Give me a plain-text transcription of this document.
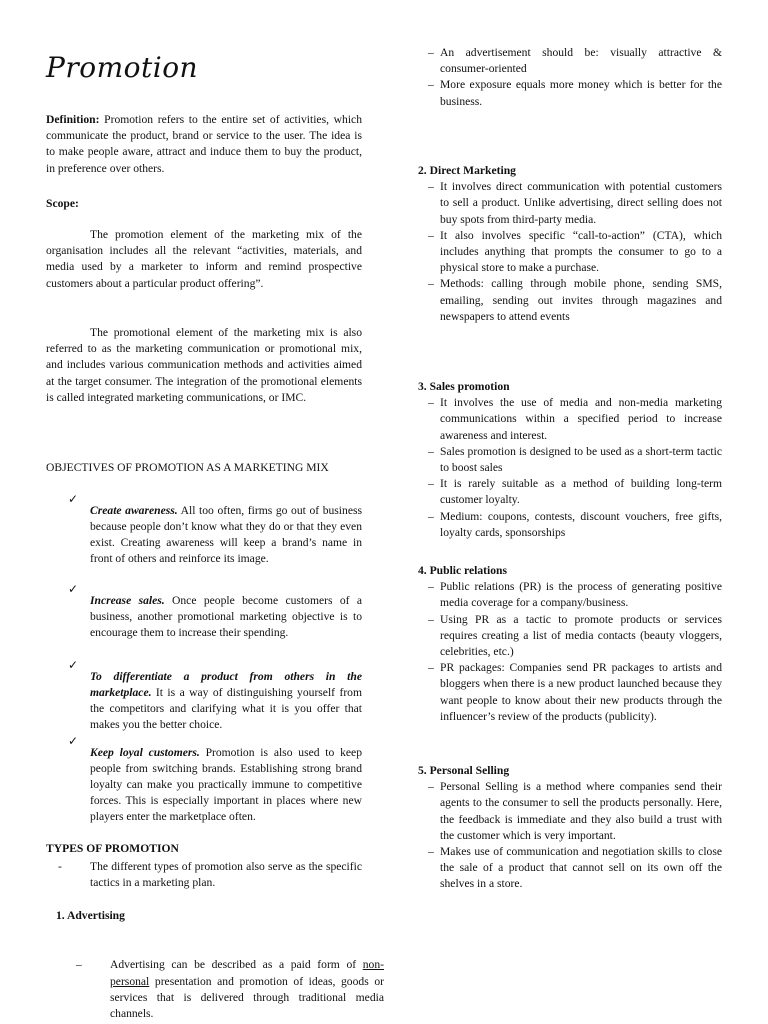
Promotion

Definition: Promotion refers to the entire set of activities, which communicate the product, brand or service to the user. The idea is to make people aware, attract and induce them to buy the product, in preference over others.

Scope:

The promotion element of the marketing mix of the organisation includes all the relevant “activities, materials, and media used by a marketer to inform and remind prospective customers about a particular product offering”.

The promotional element of the marketing mix is also referred to as the marketing communication or promotional mix, and includes various communication methods and activities aimed at the target consumer. The integration of the promotional elements is called integrated marketing communications, or IMC.

OBJECTIVES OF PROMOTION AS A MARKETING MIX

✓

Create awareness. All too often, firms go out of business because people don’t know what they do or that they even exist. Creating awareness will keep a brand’s name in front of others and reinforce its image.

✓

Increase sales. Once people become customers of a business, another promotional marketing objective is to encourage them to increase their spending.

✓

To differentiate a product from others in the marketplace. It is a way of distinguishing yourself from the competitors and clarifying what it is you offer that makes you the better choice.

✓

Keep loyal customers. Promotion is also used to keep people from switching brands. Establishing strong brand loyalty can make you practically immune to competitive forces. This is especially important in places where new players enter the marketplace often.

TYPES OF PROMOTION

- The different types of promotion also serve as the specific tactics in a marketing plan.

1. Advertising

– Advertising can be described as a paid form of non-personal presentation and promotion of ideas, goods or services that is delivered through traditional media channels.

– An advertisement should be: visually attractive & consumer-oriented

– More exposure equals more money which is better for the business.

2. Direct Marketing

– It involves direct communication with potential customers to sell a product. Unlike advertising, direct selling does not buy spots from third-party media.

– It also involves specific “call-to-action” (CTA), which includes anything that prompts the consumer to go to a physical store to make a purchase.

– Methods: calling through mobile phone, sending SMS, emailing, sending out invites through magazines and newspapers to attend events

3. Sales promotion

– It involves the use of media and non-media marketing communications within a specified period to increase awareness and interest.

– Sales promotion is designed to be used as a short-term tactic to boost sales

– It is rarely suitable as a method of building long-term customer loyalty.

– Medium: coupons, contests, discount vouchers, free gifts, loyalty cards, sponsorships

4. Public relations

– Public relations (PR) is the process of generating positive media coverage for a company/business.

– Using PR as a tactic to promote products or services requires creating a list of media contacts (beauty vloggers, celebrities, etc.)

– PR packages: Companies send PR packages to artists and bloggers when there is a new product launched because they want people to know about their new products through the influencer’s review of the products (publicity).

5. Personal Selling

– Personal Selling is a method where companies send their agents to the consumer to sell the products personally. Here, the feedback is immediate and they also build a trust with the customer which is very important.

– Makes use of communication and negotiation skills to close the sale of a product that cannot sell on its own off the shelves in a store.
